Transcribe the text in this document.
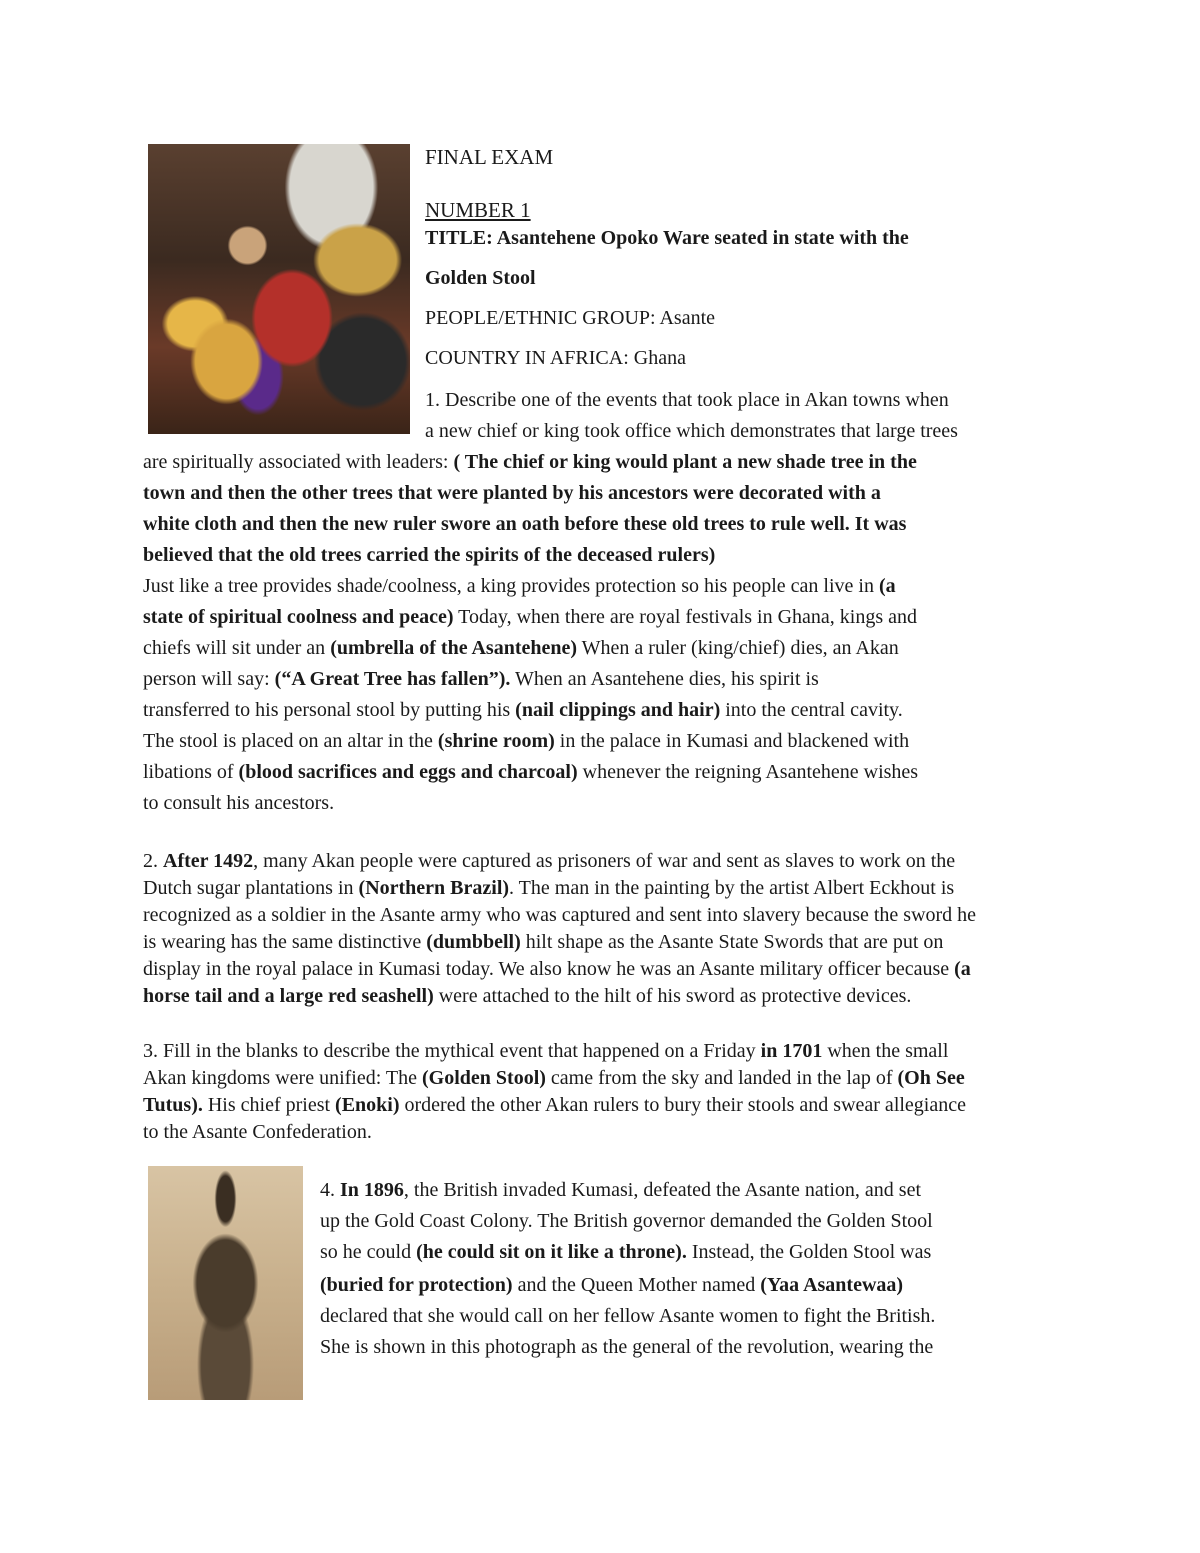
FINAL EXAM
NUMBER 1
TITLE: Asantehene Opoko Ware seated in state with the
Golden Stool
PEOPLE/ETHNIC GROUP: Asante
COUNTRY IN AFRICA: Ghana
1. Describe one of the events that took place in Akan towns when
a new chief or king took office which demonstrates that large trees
are spiritually associated with leaders: ( The chief or king would plant a new shade tree in the
town and then the other trees that were planted by his ancestors were decorated with a
white cloth and then the new ruler swore an oath before these old trees to rule well. It was
believed that the old trees carried the spirits of the deceased rulers)
Just like a tree provides shade/coolness, a king provides protection so his people can live in (a
state of spiritual coolness and peace) Today, when there are royal festivals in Ghana, kings and
chiefs will sit under an (umbrella of the Asantehene) When a ruler (king/chief) dies, an Akan
person will say: (“A Great Tree has fallen”). When an Asantehene dies, his spirit is
transferred to his personal stool by putting his (nail clippings and hair) into the central cavity.
The stool is placed on an altar in the (shrine room) in the palace in Kumasi and blackened with
libations of (blood sacrifices and eggs and charcoal) whenever the reigning Asantehene wishes
to consult his ancestors.
2. After 1492, many Akan people were captured as prisoners of war and sent as slaves to work on the
Dutch sugar plantations in (Northern Brazil). The man in the painting by the artist Albert Eckhout is
recognized as a soldier in the Asante army who was captured and sent into slavery because the sword he
is wearing has the same distinctive (dumbbell) hilt shape as the Asante State Swords that are put on
display in the royal palace in Kumasi today. We also know he was an Asante military officer because (a
horse tail and a large red seashell) were attached to the hilt of his sword as protective devices.
3. Fill in the blanks to describe the mythical event that happened on a Friday in 1701 when the small
Akan kingdoms were unified: The (Golden Stool) came from the sky and landed in the lap of (Oh See
Tutus). His chief priest (Enoki) ordered the other Akan rulers to bury their stools and swear allegiance
to the Asante Confederation.
4. In 1896, the British invaded Kumasi, defeated the Asante nation, and set
up the Gold Coast Colony. The British governor demanded the Golden Stool
so he could (he could sit on it like a throne). Instead, the Golden Stool was
(buried for protection) and the Queen Mother named (Yaa Asantewaa)
declared that she would call on her fellow Asante women to fight the British.
She is shown in this photograph as the general of the revolution, wearing the
